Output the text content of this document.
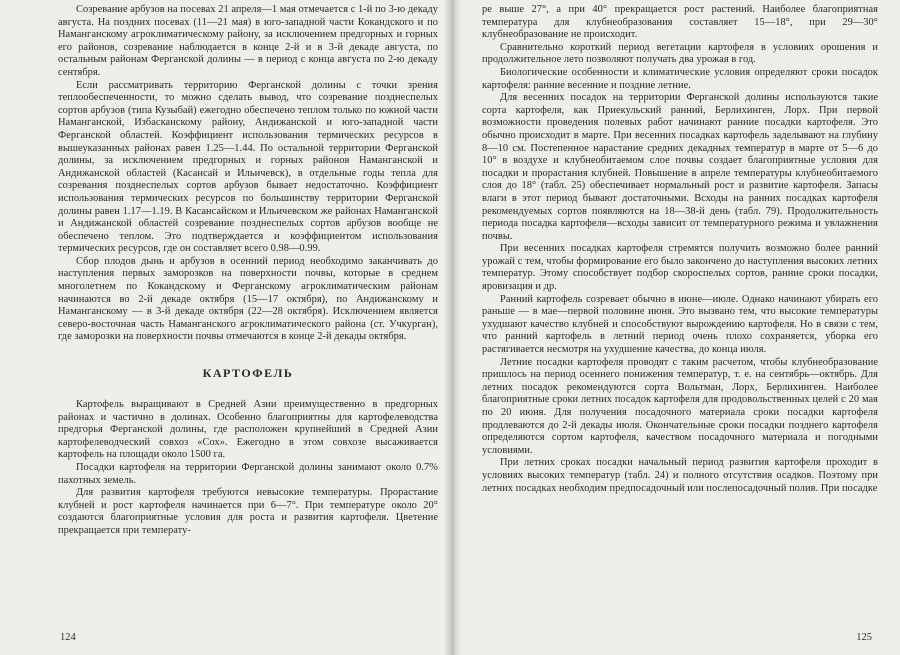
Созревание арбузов на посевах 21 апреля—1 мая отмечается с 1-й по 3-ю декаду августа. На поздних посевах (11—21 мая) в юго-западной части Кокандского и по Наманганскому агроклиматическому району, за исключением предгорных и горных его районов, созревание наблюдается в конце 2-й и в 3-й декаде августа, по остальным районам Ферганской долины — в период с конца августа по 2-ю декаду сентября.

Если рассматривать территорию Ферганской долины с точки зрения теплообеспеченности, то можно сделать вывод, что созревание позднеспелых сортов арбузов (типа Кузыбай) ежегодно обеспечено теплом только по южной части Наманганской, Избасканскому району, Андижанской и юго-западной части Ферганской областей. Коэффициент использования термических ресурсов в вышеуказанных районах равен 1.25—1.44. По остальной территории Ферганской долины, за исключением предгорных и горных районов Наманганской и Андижанской областей (Касансай и Ильичевск), в отдельные годы тепла для созревания позднеспелых сортов арбузов бывает недостаточно. Коэффициент использования термических ресурсов по большинству территории Ферганской долины равен 1.17—1.19. В Касансайском и Ильичевском же районах Наманганской и Андижанской областей созревание позднеспелых сортов арбузов вообще не обеспечено теплом. Это подтверждается и коэффициентом использования термических ресурсов, где он составляет всего 0.98—0.99.

Сбор плодов дынь и арбузов в осенний период необходимо заканчивать до наступления первых заморозков на поверхности почвы, которые в среднем многолетнем по Кокандскому и Ферганскому агроклиматическим районам начинаются во 2-й декаде октября (15—17 октября), по Андижанскому и Наманганскому — в 3-й декаде октября (22—28 октября). Исключением является северо-восточная часть Наманганского агроклиматического района (ст. Учкурган), где заморозки на поверхности почвы отмечаются в конце 2-й декады октября.

КАРТОФЕЛЬ

Картофель выращивают в Средней Азии преимущественно в предгорных районах и частично в долинах. Особенно благоприятны для картофелеводства предгорья Ферганской долины, где расположен крупнейший в Средней Азии картофелеводческий совхоз «Сох». Ежегодно в этом совхозе высаживается картофель на площади около 1500 га.

Посадки картофеля на территории Ферганской долины занимают около 0.7% пахотных земель.

Для развития картофеля требуются невысокие температуры. Прорастание клубней и рост картофеля начинается при 6—7°. При температуре около 20° создаются благоприятные условия для роста и развития картофеля. Цветение прекращается при температу-

124

ре выше 27°, а при 40° прекращается рост растений. Наиболее благоприятная температура для клубнеобразования составляет 15—18°, при 29—30° клубнеобразование не происходит.

Сравнительно короткий период вегетации картофеля в условиях орошения и продолжительное лето позволяют получать два урожая в год.

Биологические особенности и климатические условия определяют сроки посадок картофеля: ранние весенние и поздние летние.

Для весенних посадок на территории Ферганской долины используются такие сорта картофеля, как Приекульский ранний, Берлихинген, Лорх. При первой возможности проведения полевых работ начинают ранние посадки картофеля. Это обычно происходит в марте. При весенних посадках картофель заделывают на глубину 8—10 см. Постепенное нарастание средних декадных температур в марте от 5—6 до 10° в воздухе и клубнеобитаемом слое почвы создает благоприятные условия для посадки и прорастания клубней. Повышение в апреле температуры клубнеобитаемого слоя до 18° (табл. 25) обеспечивает нормальный рост и развитие картофеля. Запасы влаги в этот период бывают достаточными. Всходы на ранних посадках картофеля рекомендуемых сортов появляются на 18—38-й день (табл. 79). Продолжительность периода посадка картофеля—всходы зависит от температурного режима и увлажнения почвы.

При весенних посадках картофеля стремятся получить возможно более ранний урожай с тем, чтобы формирование его было закончено до наступления высоких летних температур. Этому способствует подбор скороспелых сортов, ранние сроки посадки, яровизация и др.

Ранний картофель созревает обычно в июне—июле. Однако начинают убирать его раньше — в мае—первой половине июня. Это вызвано тем, что высокие температуры ухудшают качество клубней и способствуют вырождению картофеля. Но в связи с тем, что ранний картофель в летний период очень плохо сохраняется, уборка его растягивается несмотря на ухудшение качества, до конца июля.

Летние посадки картофеля проводят с таким расчетом, чтобы клубнеобразование пришлось на период осеннего понижения температур, т. е. на сентябрь—октябрь. Для летних посадок рекомендуются сорта Вольтман, Лорх, Берлихинген. Наиболее благоприятные сроки летних посадок картофеля для продовольственных целей с 20 мая по 20 июня. Для получения посадочного материала сроки посадки картофеля продлеваются до 2-й декады июля. Окончательные сроки посадки позднего картофеля определяются сортом картофеля, качеством посадочного материала и погодными условиями.

При летних сроках посадки начальный период развития картофеля проходит в условиях высоких температур (табл. 24) и полного отсутствия осадков. Поэтому при летних посадках необходим предпосадочный или послепосадочный полив. При посадке

125
